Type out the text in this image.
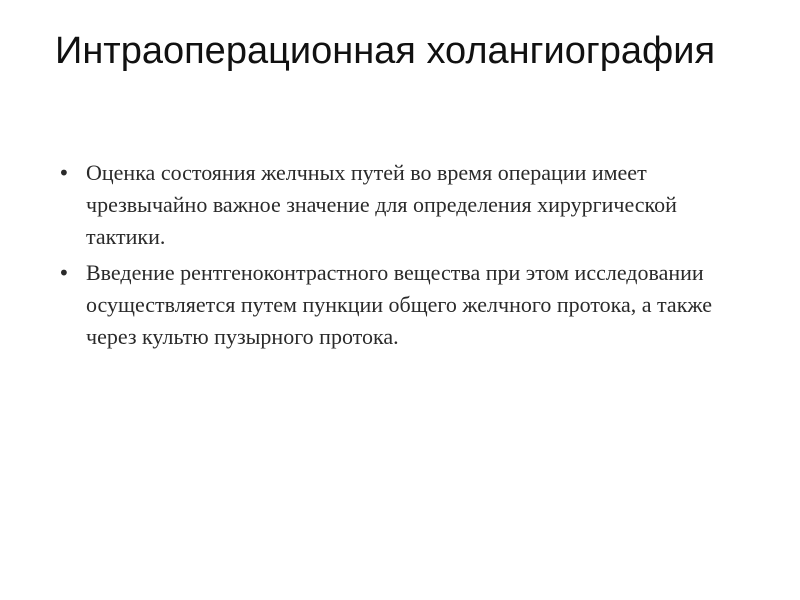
Интраоперационная холангиография
• Оценка состояния желчных путей во время операции имеет чрезвычайно важное значение для определения хирургической тактики.
• Введение рентгеноконтрастного вещества при этом исследовании осуществляется путем пункции общего желчного протока, а также через культю пузырного протока.
